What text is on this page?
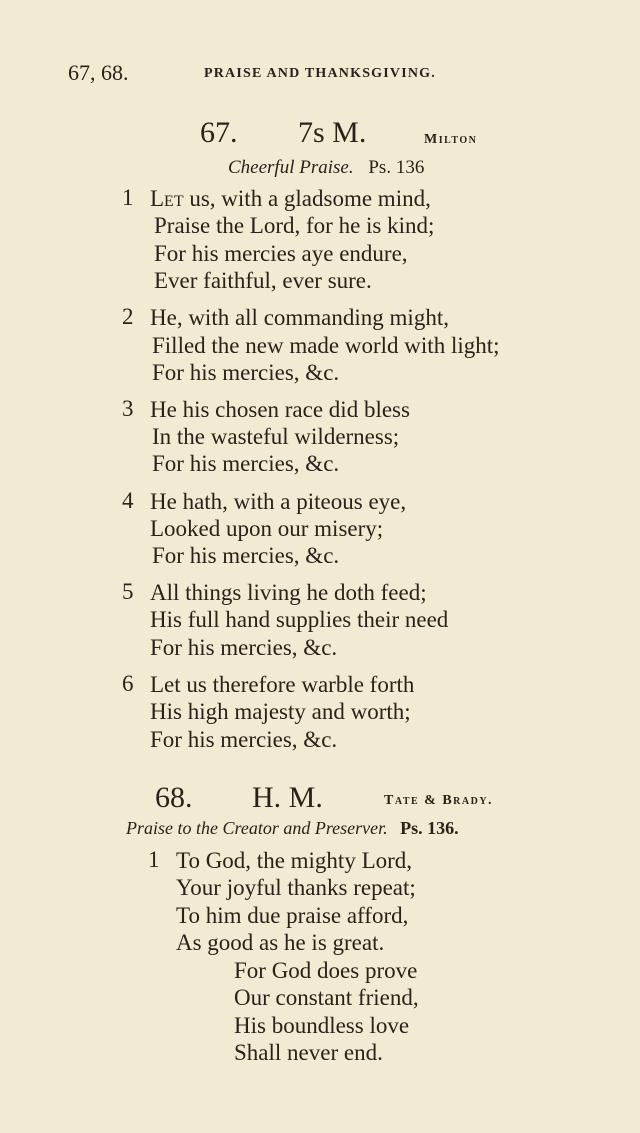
67, 68.	PRAISE AND THANKSGIVING.
67. 7s M.	Milton
Cheerful Praise. Ps. 136
1 Let us, with a gladsome mind,
Praise the Lord, for he is kind;
For his mercies aye endure,
Ever faithful, ever sure.
2 He, with all commanding might,
Filled the new made world with light;
For his mercies, &c.
3 He his chosen race did bless
In the wasteful wilderness;
For his mercies, &c.
4 He hath, with a piteous eye,
Looked upon our misery;
For his mercies, &c.
5 All things living he doth feed;
His full hand supplies their need
For his mercies, &c.
6 Let us therefore warble forth
His high majesty and worth;
For his mercies, &c.
68. H. M.	Tate & Brady.
Praise to the Creator and Preserver. Ps. 136.
1 To God, the mighty Lord,
Your joyful thanks repeat;
To him due praise afford,
As good as he is great.
For God does prove
Our constant friend,
His boundless love
Shall never end.
